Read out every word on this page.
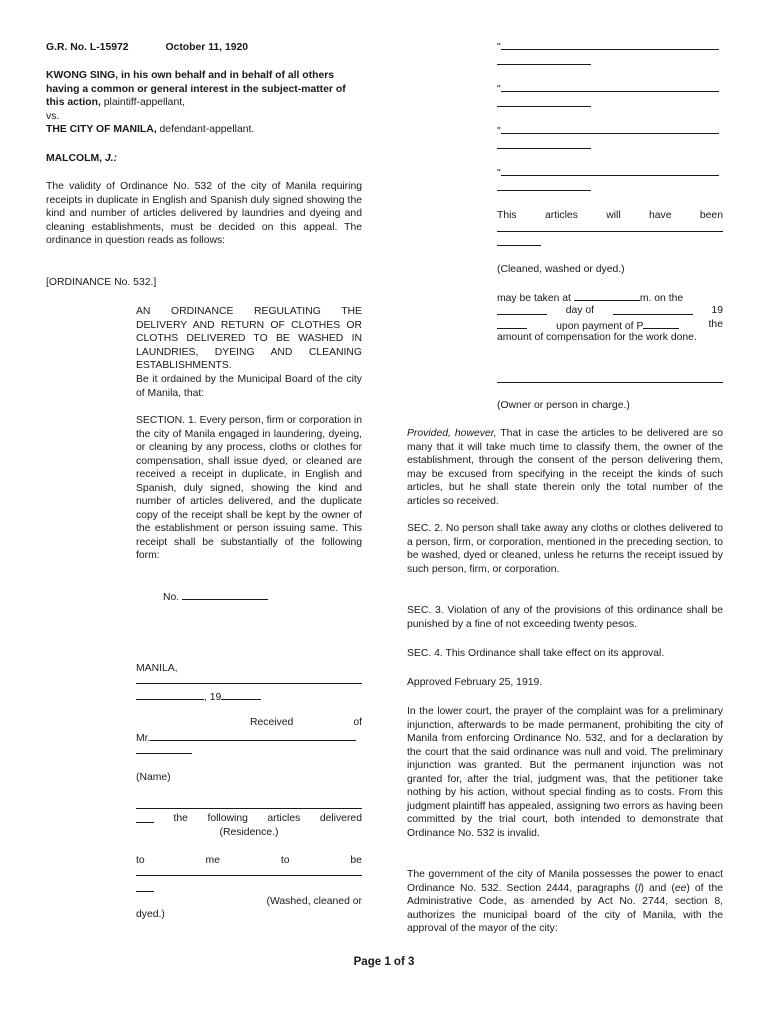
G.R. No. L-15972	October 11, 1920
KWONG SING, in his own behalf and in behalf of all others having a common or general interest in the subject-matter of this action, plaintiff-appellant,
vs.
THE CITY OF MANILA, defendant-appellant.
MALCOLM, J.:

The validity of Ordinance No. 532 of the city of Manila requiring receipts in duplicate in English and Spanish duly signed showing the kind and number of articles delivered by laundries and dyeing and cleaning establishments, must be decided on this appeal. The ordinance in question reads as follows:

[ORDINANCE No. 532.]

AN ORDINANCE REGULATING THE DELIVERY AND RETURN OF CLOTHES OR CLOTHS DELIVERED TO BE WASHED IN LAUNDRIES, DYEING AND CLEANING ESTABLISHMENTS.

Be it ordained by the Municipal Board of the city of Manila, that:

SECTION. 1. Every person, firm or corporation in the city of Manila engaged in laundering, dyeing, or cleaning by any process, cloths or clothes for compensation, shall issue dyed, or cleaned are received a receipt in duplicate, in English and Spanish, duly signed, showing the kind and number of articles delivered, and the duplicate copy of the receipt shall be kept by the owner of the establishment or person issuing same. This receipt shall be substantially of the following form:

No.
MANILA,
, 19
Received	of
Mr.
(Name)
the following articles delivered
(Residence.)
to	me	to	be
(Washed, cleaned or
dyed.)
"
"
"
"
This	articles	will	have	been
(Cleaned, washed or dyed.)
may be taken at	m. on the
day of	19
upon payment of P	the
amount of compensation for the work done.
(Owner or person in charge.)

Provided, however, That in case the articles to be delivered are so many that it will take much time to classify them, the owner of the establishment, through the consent of the person delivering them, may be excused from specifying in the receipt the kinds of such articles, but he shall state therein only the total number of the articles so received.

SEC. 2. No person shall take away any cloths or clothes delivered to a person, firm, or corporation, mentioned in the preceding section, to be washed, dyed or cleaned, unless he returns the receipt issued by such person, firm, or corporation.

SEC. 3. Violation of any of the provisions of this ordinance shall be punished by a fine of not exceeding twenty pesos.

SEC. 4. This Ordinance shall take effect on its approval.

Approved February 25, 1919.

In the lower court, the prayer of the complaint was for a preliminary injunction, afterwards to be made permanent, prohibiting the city of Manila from enforcing Ordinance No. 532, and for a declaration by the court that the said ordinance was null and void. The preliminary injunction was granted. But the permanent injunction was not granted for, after the trial, judgment was, that the petitioner take nothing by his action, without special finding as to costs. From this judgment plaintiff has appealed, assigning two errors as having been committed by the trial court, both intended to demonstrate that Ordinance No. 532 is invalid.

The government of the city of Manila possesses the power to enact Ordinance No. 532. Section 2444, paragraphs (l) and (ee) of the Administrative Code, as amended by Act No. 2744, section 8, authorizes the municipal board of the city of Manila, with the approval of the mayor of the city:

Page 1 of 3
